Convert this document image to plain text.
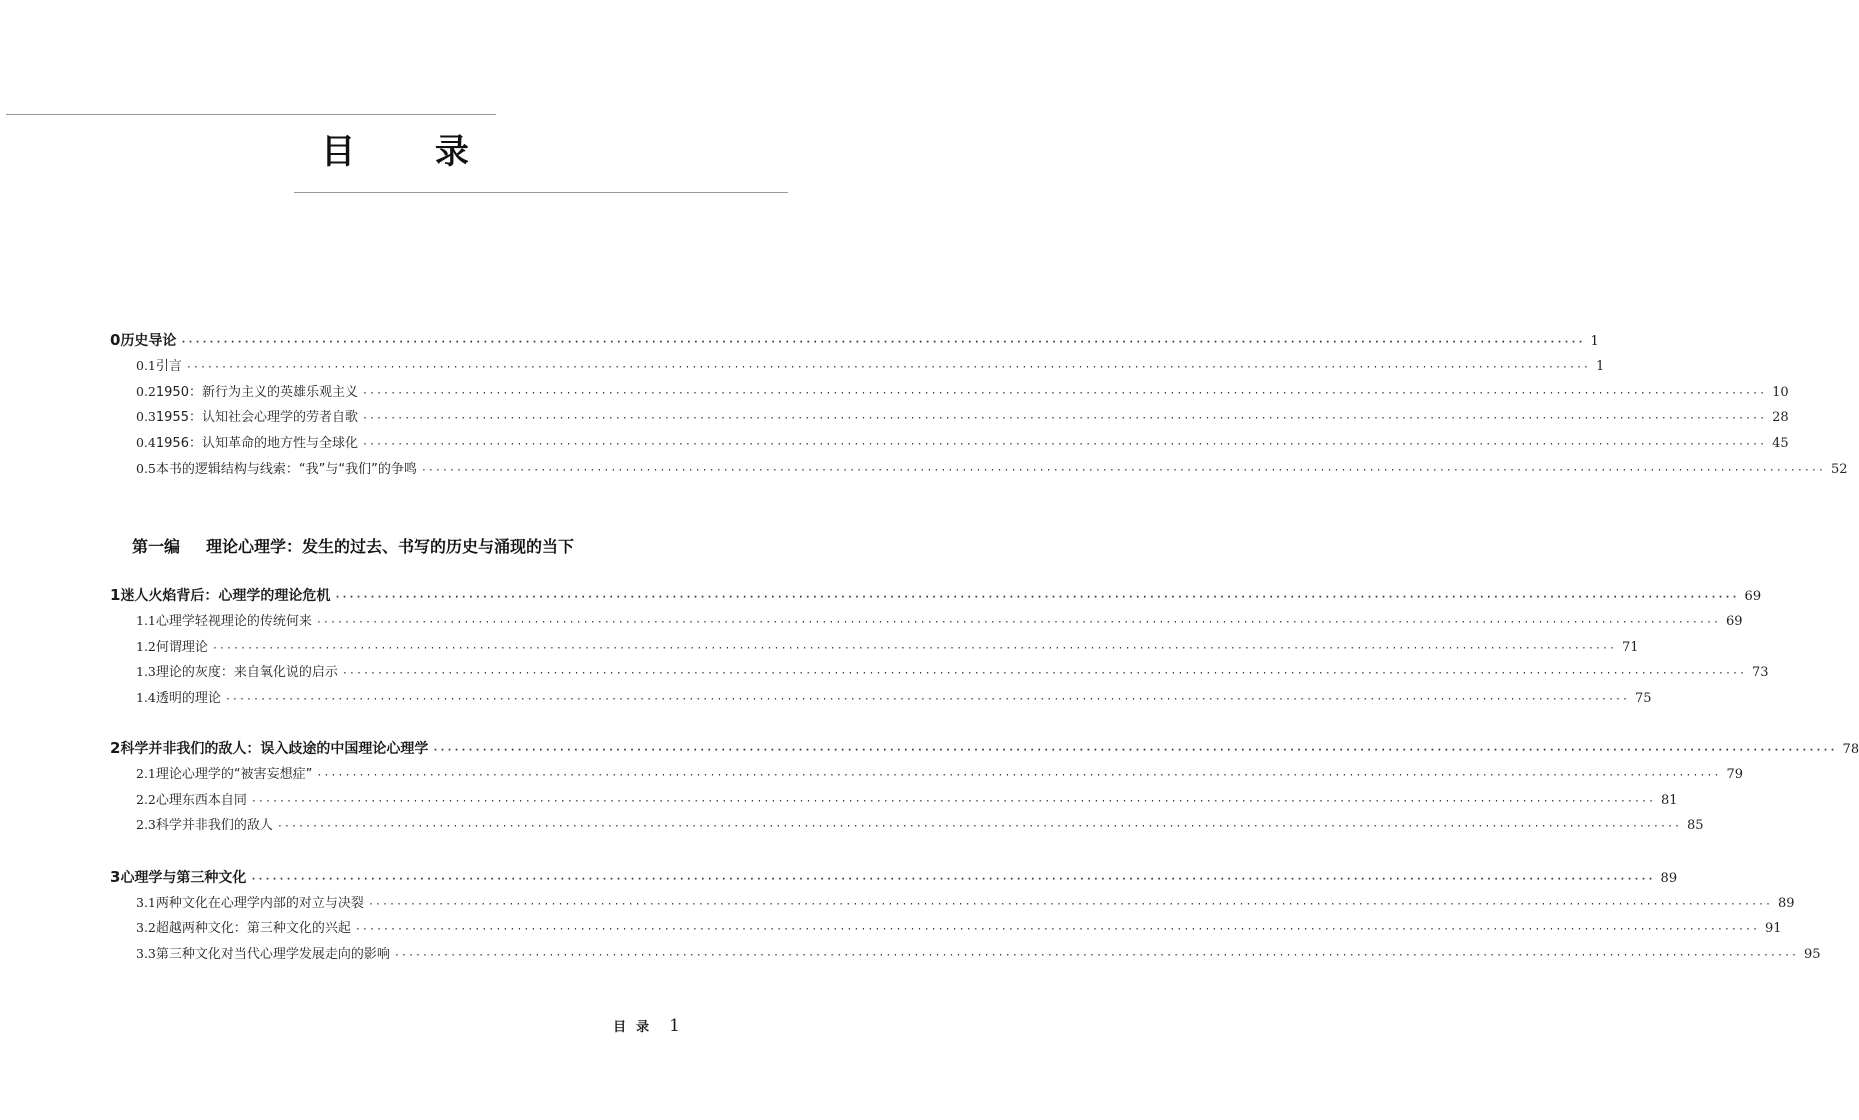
目 录
0 历史导论 ········································································································································································································ 1
0.1 引言 ········································································································································································································ 1
0.2 1950：新行为主义的英雄乐观主义 ········································································································································································································ 10
0.3 1955：认知社会心理学的劳者自歌 ········································································································································································································ 28
0.4 1956：认知革命的地方性与全球化 ········································································································································································································ 45
0.5 本书的逻辑结构与线索：“我”与“我们”的争鸣 ········································································································································································································ 52
1 迷人火焰背后：心理学的理论危机 ········································································································································································································ 69
1.1 心理学轻视理论的传统何来 ········································································································································································································ 69
1.2 何谓理论 ········································································································································································································ 71
1.3 理论的灰度：来自氧化说的启示 ········································································································································································································ 73
1.4 透明的理论 ········································································································································································································ 75
2 科学并非我们的敌人：误入歧途的中国理论心理学 ········································································································································································································ 78
2.1 理论心理学的“被害妄想症” ········································································································································································································ 79
2.2 心理东西本自同 ········································································································································································································ 81
2.3 科学并非我们的敌人 ········································································································································································································ 85
3 心理学与第三种文化 ········································································································································································································ 89
3.1 两种文化在心理学内部的对立与决裂 ········································································································································································································ 89
3.2 超越两种文化：第三种文化的兴起 ········································································································································································································ 91
3.3 第三种文化对当代心理学发展走向的影响 ········································································································································································································ 95
第一编 理论心理学：发生的过去、书写的历史与涌现的当下
目录 1
